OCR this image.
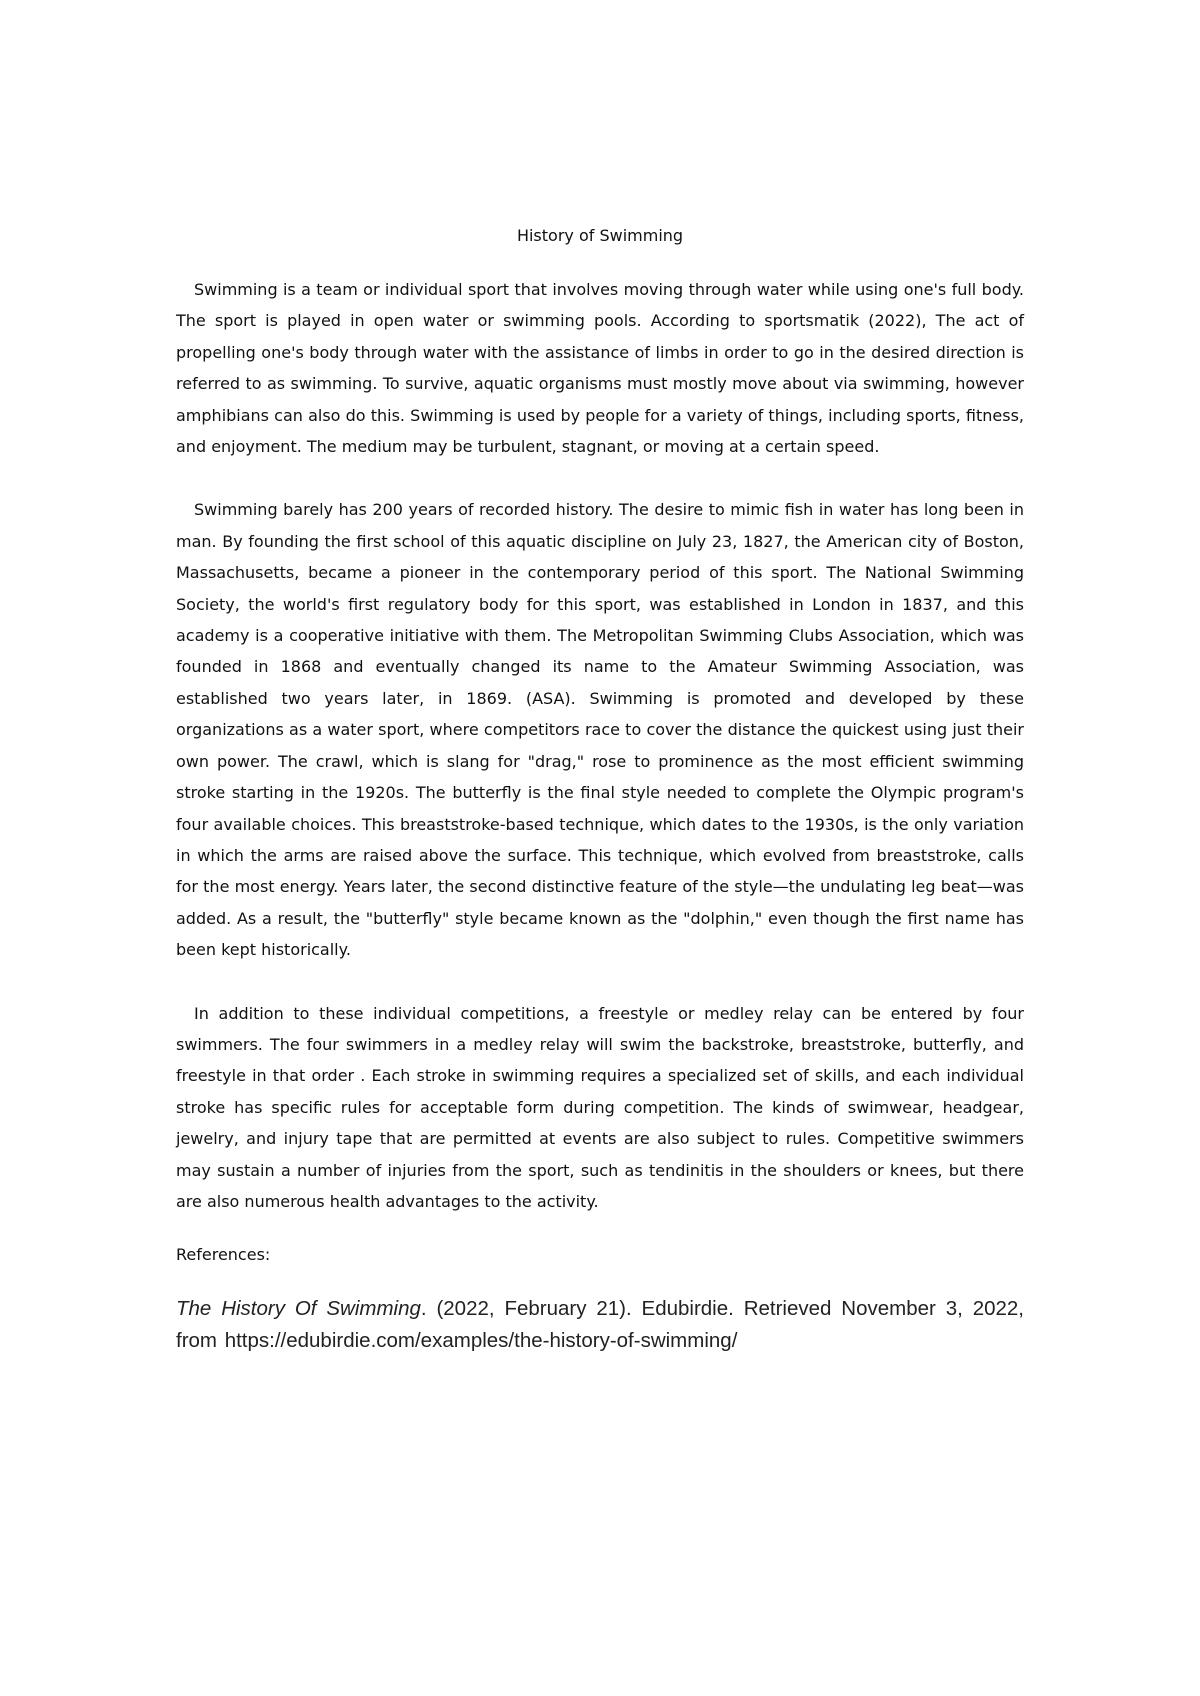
History of Swimming

Swimming is a team or individual sport that involves moving through water while using one's full body. The sport is played in open water or swimming pools. According to sportsmatik (2022), The act of propelling one's body through water with the assistance of limbs in order to go in the desired direction is referred to as swimming. To survive, aquatic organisms must mostly move about via swimming, however amphibians can also do this. Swimming is used by people for a variety of things, including sports, fitness, and enjoyment. The medium may be turbulent, stagnant, or moving at a certain speed.

Swimming barely has 200 years of recorded history. The desire to mimic fish in water has long been in man. By founding the first school of this aquatic discipline on July 23, 1827, the American city of Boston, Massachusetts, became a pioneer in the contemporary period of this sport. The National Swimming Society, the world's first regulatory body for this sport, was established in London in 1837, and this academy is a cooperative initiative with them. The Metropolitan Swimming Clubs Association, which was founded in 1868 and eventually changed its name to the Amateur Swimming Association, was established two years later, in 1869. (ASA). Swimming is promoted and developed by these organizations as a water sport, where competitors race to cover the distance the quickest using just their own power. The crawl, which is slang for "drag," rose to prominence as the most efficient swimming stroke starting in the 1920s. The butterfly is the final style needed to complete the Olympic program's four available choices. This breaststroke-based technique, which dates to the 1930s, is the only variation in which the arms are raised above the surface. This technique, which evolved from breaststroke, calls for the most energy. Years later, the second distinctive feature of the style—the undulating leg beat—was added. As a result, the "butterfly" style became known as the "dolphin," even though the first name has been kept historically.

In addition to these individual competitions, a freestyle or medley relay can be entered by four swimmers. The four swimmers in a medley relay will swim the backstroke, breaststroke, butterfly, and freestyle in that order . Each stroke in swimming requires a specialized set of skills, and each individual stroke has specific rules for acceptable form during competition. The kinds of swimwear, headgear, jewelry, and injury tape that are permitted at events are also subject to rules. Competitive swimmers may sustain a number of injuries from the sport, such as tendinitis in the shoulders or knees, but there are also numerous health advantages to the activity.

References:

The History Of Swimming. (2022, February 21). Edubirdie. Retrieved November 3, 2022, from https://edubirdie.com/examples/the-history-of-swimming/
